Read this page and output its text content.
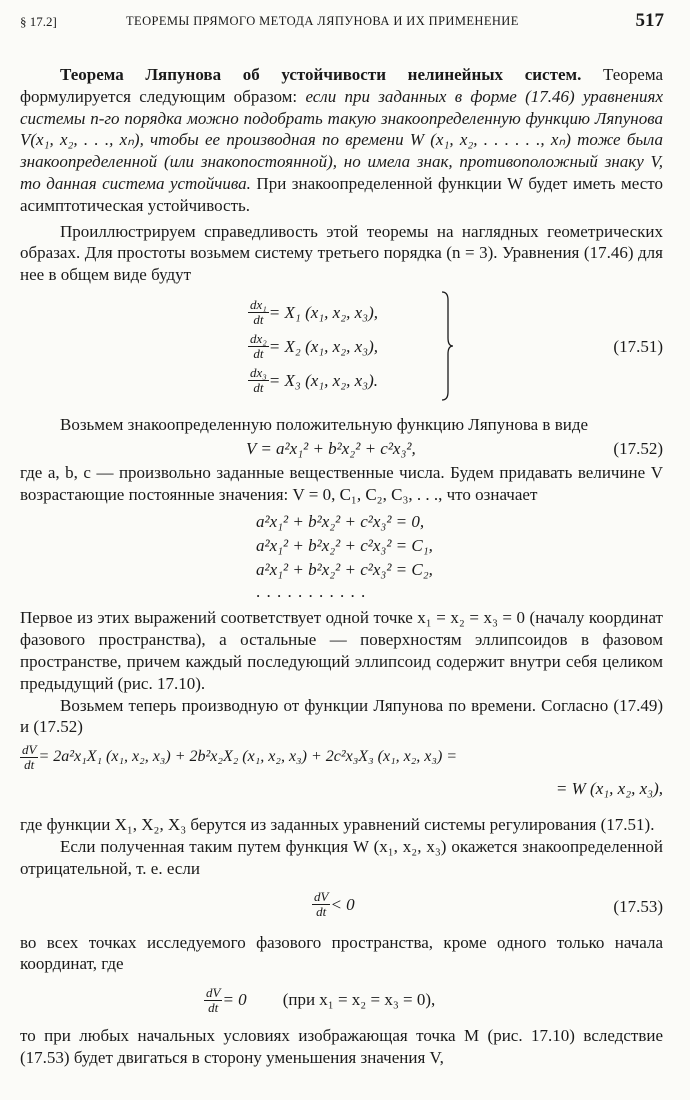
§ 17.2]	ТЕОРЕМЫ ПРЯМОГО МЕТОДА ЛЯПУНОВА И ИХ ПРИМЕНЕНИЕ	517

Теорема Ляпунова об устойчивости нелинейных систем. Теорема формулируется следующим образом: если при заданных в форме (17.46) уравнениях системы n-го порядка можно подобрать такую знакоопределенную функцию Ляпунова V(x₁, x₂, . . ., xₙ), чтобы ее производная по времени W (x₁, x₂, . . . . . ., xₙ) тоже была знакоопределенной (или знакопостоянной), но имела знак, противоположный знаку V, то данная система устойчива. При знакоопределенной функции W будет иметь место асимптотическая устойчивость.

Проиллюстрируем справедливость этой теоремы на наглядных геометрических образах. Для простоты возьмем систему третьего порядка (n = 3). Уравнения (17.46) для нее в общем виде будут

$\frac{\text{dx₁}}{dt} = X_1$ (x₁, x₂, x₃),
$\frac{\text{dx₂}}{dt} = X_2$ (x₁, x₂, x₃),
$\frac{\text{dx₃}}{dt} = X_3$ (x₁, x₂, x₃).
(17.51)

Возьмем знакоопределенную положительную функцию Ляпунова в виде

V = a²x₁² + b²x₂² + c²x₃²,	(17.52)

где a, b, c — произвольно заданные вещественные числа. Будем придавать величине V возрастающие постоянные значения: V = 0, C₁, C₂, C₃, . . ., что означает

a²x₁² + b²x₂² + c²x₃² = 0,
a²x₁² + b²x₂² + c²x₃² = C₁,
a²x₁² + b²x₂² + c²x₃² = C₂,
. . . . . . . . . . .

Первое из этих выражений соответствует одной точке x₁ = x₂ = x₃ = 0 (началу координат фазового пространства), а остальные — поверхностям эллипсоидов в фазовом пространстве, причем каждый последующий эллипсоид содержит внутри себя целиком предыдущий (рис. 17.10).

Возьмем теперь производную от функции Ляпунова по времени. Согласно (17.49) и (17.52)

$\frac{dV}{dt} = 2a^2x_1X_1$ (x₁, x₂, x₃) + 2b²x₂X₂ (x₁, x₂, x₃) + 2c²x₃X₃ (x₁, x₂, x₃) =
= W (x₁, x₂, x₃),

где функции X₁, X₂, X₃ берутся из заданных уравнений системы регулирования (17.51).

Если полученная таким путем функция W (x₁, x₂, x₃) окажется знакоопределенной отрицательной, т. е. если

$\frac{dV}{dt} < 0$	(17.53)

во всех точках исследуемого фазового пространства, кроме одного только начала координат, где

$\frac{dV}{dt} = 0$ (при x₁ = x₂ = x₃ = 0),

то при любых начальных условиях изображающая точка M (рис. 17.10) вследствие (17.53) будет двигаться в сторону уменьшения значения V,
